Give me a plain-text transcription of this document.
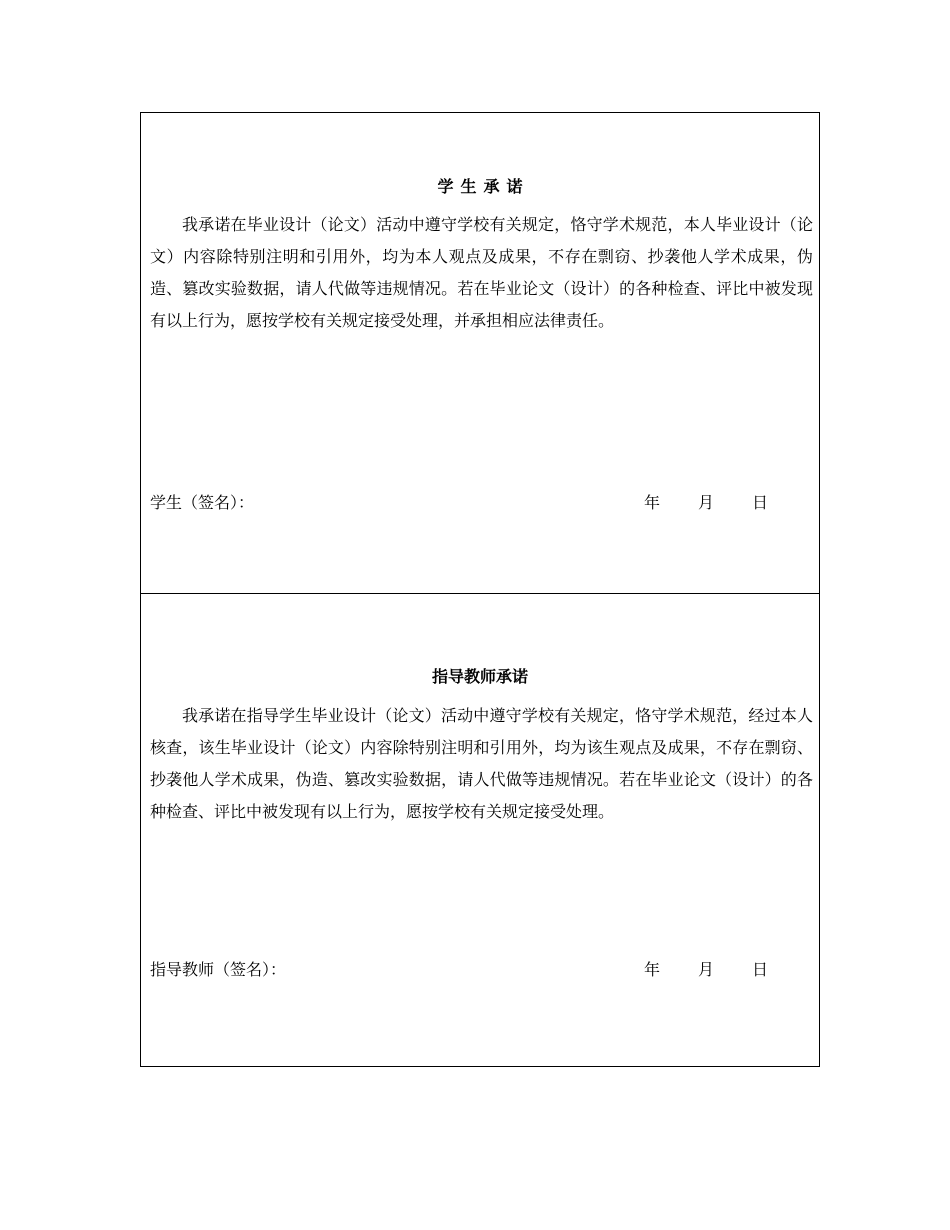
学生承诺

我承诺在毕业设计（论文）活动中遵守学校有关规定，恪守学术规范，本人毕业设计（论文）内容除特别注明和引用外，均为本人观点及成果，不存在剽窃、抄袭他人学术成果，伪造、篡改实验数据，请人代做等违规情况。若在毕业论文（设计）的各种检查、评比中被发现有以上行为，愿按学校有关规定接受处理，并承担相应法律责任。

学生（签名）：	年 月 日
指导教师承诺

我承诺在指导学生毕业设计（论文）活动中遵守学校有关规定，恪守学术规范，经过本人核查，该生毕业设计（论文）内容除特别注明和引用外，均为该生观点及成果，不存在剽窃、抄袭他人学术成果，伪造、篡改实验数据，请人代做等违规情况。若在毕业论文（设计）的各种检查、评比中被发现有以上行为，愿按学校有关规定接受处理。

指导教师（签名）：	年 月 日
